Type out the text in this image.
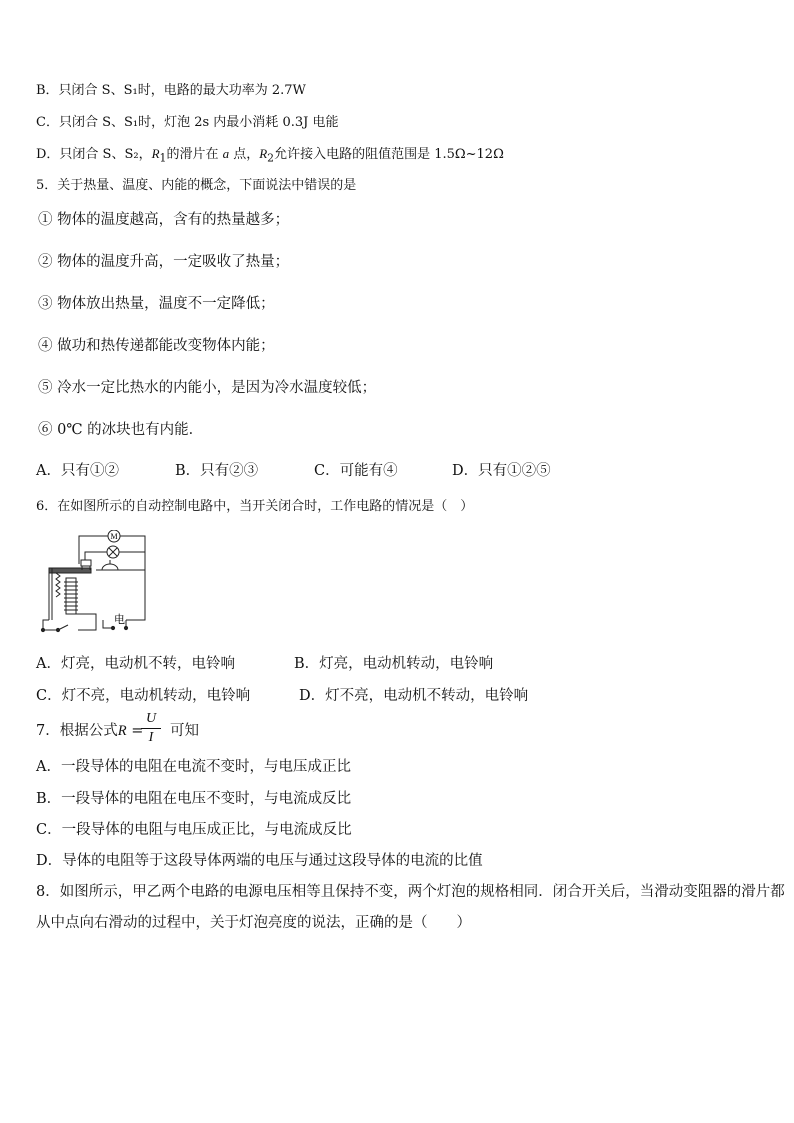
B．只闭合 S、S₁时，电路的最大功率为 2.7W
C．只闭合 S、S₁时，灯泡 2s 内最小消耗 0.3J 电能
D．只闭合 S、S₂，$R_1$的滑片在 a 点，$R_2$允许接入电路的阻值范围是 1.5Ω~12Ω
5．关于热量、温度、内能的概念，下面说法中错误的是
① 物体的温度越高，含有的热量越多；
② 物体的温度升高，一定吸收了热量；
③ 物体放出热量，温度不一定降低；
④ 做功和热传递都能改变物体内能；
⑤ 冷水一定比热水的内能小，是因为冷水温度较低；
⑥ 0℃ 的冰块也有内能．
A．只有①②	B．只有②③	C．可能有④	D．只有①②⑤
6．在如图所示的自动控制电路中，当开关闭合时，工作电路的情况是（　）
M
电
A．灯亮，电动机不转，电铃响	B．灯亮，电动机转动，电铃响
C．灯不亮，电动机转动，电铃响	D．灯不亮，电动机不转动，电铃响
7．根据公式R = 可知
U
I
A．一段导体的电阻在电流不变时，与电压成正比
B．一段导体的电阻在电压不变时，与电流成反比
C．一段导体的电阻与电压成正比，与电流成反比
D．导体的电阻等于这段导体两端的电压与通过这段导体的电流的比值
8．如图所示，甲乙两个电路的电源电压相等且保持不变，两个灯泡的规格相同．闭合开关后，当滑动变阻器的滑片都
从中点向右滑动的过程中，关于灯泡亮度的说法，正确的是（　　）
